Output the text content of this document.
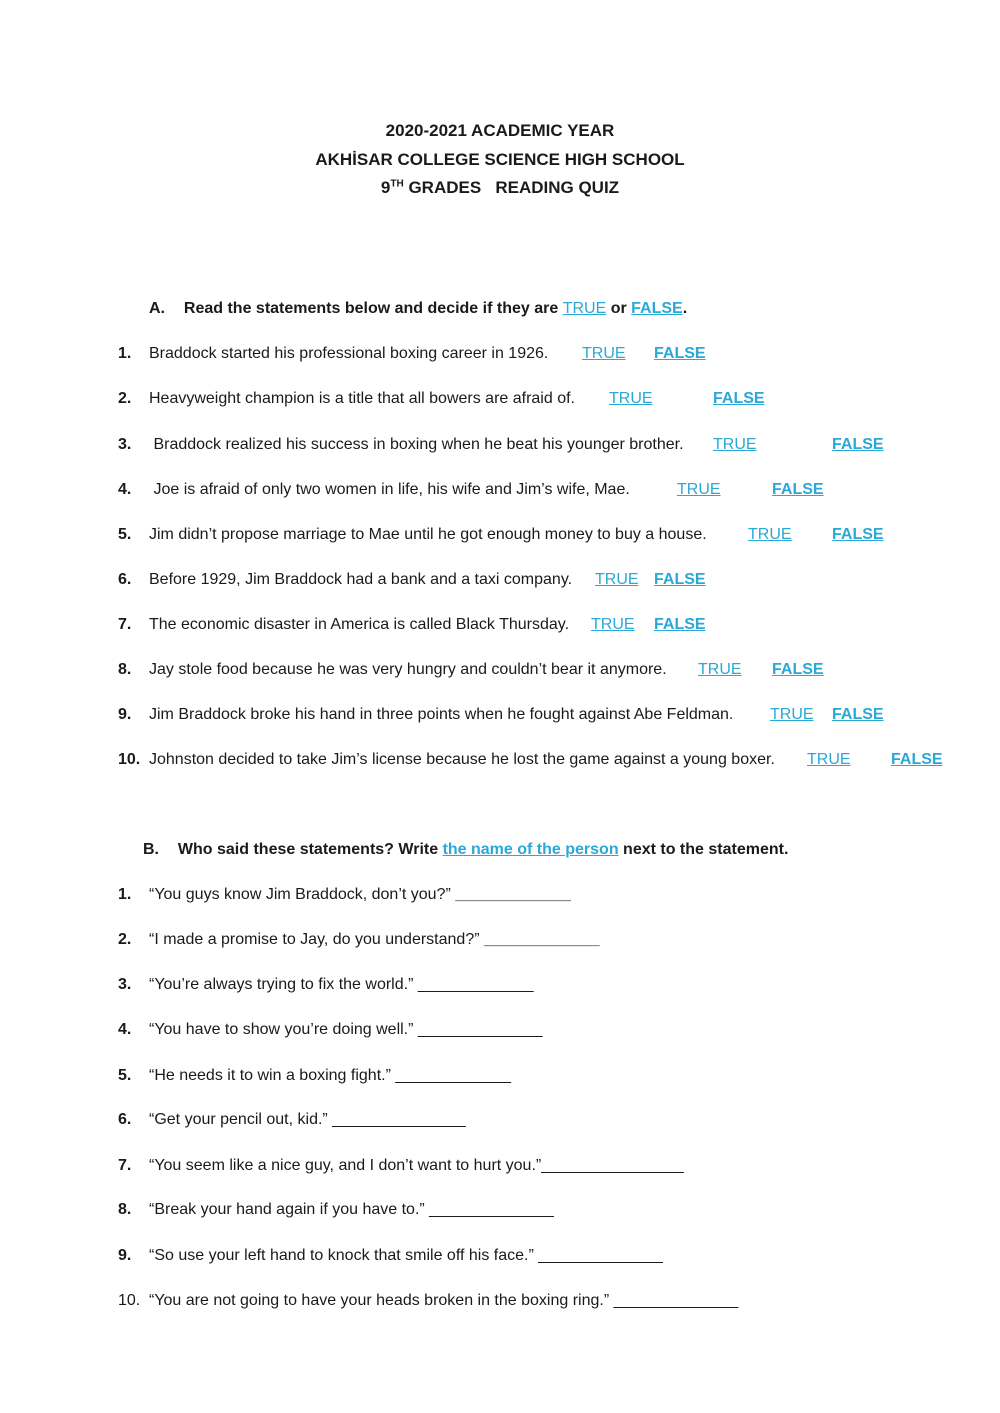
2020-2021 ACADEMIC YEAR
AKHİSAR COLLEGE SCIENCE HIGH SCHOOL
9TH GRADES   READING QUIZ
A. Read the statements below and decide if they are TRUE or FALSE.
1. Braddock started his professional boxing career in 1926. TRUE FALSE
2. Heavyweight champion is a title that all bowers are afraid of. TRUE	FALSE
3. Braddock realized his success in boxing when he beat his younger brother. TRUE	FALSE
4. Joe is afraid of only two women in life, his wife and Jim’s wife, Mae.	TRUE	FALSE
5. Jim didn’t propose marriage to Mae until he got enough money to buy a house.	TRUE	FALSE
6. Before 1929, Jim Braddock had a bank and a taxi company. TRUE FALSE
7. The economic disaster in America is called Black Thursday. TRUE FALSE
8. Jay stole food because he was very hungry and couldn’t bear it anymore. TRUE FALSE
9. Jim Braddock broke his hand in three points when he fought against Abe Feldman. TRUE FALSE
10. Johnston decided to take Jim’s license because he lost the game against a young boxer. TRUE	FALSE
B. Who said these statements? Write the name of the person next to the statement.
1. “You guys know Jim Braddock, don’t you?” _____________
2. “I made a promise to Jay, do you understand?” _____________
3. “You’re always trying to fix the world.” _____________
4. “You have to show you’re doing well.” ______________
5. “He needs it to win a boxing fight.” _____________
6. “Get your pencil out, kid.” _______________
7. “You seem like a nice guy, and I don’t want to hurt you.”________________
8. “Break your hand again if you have to.” ______________
9. “So use your left hand to knock that smile off his face.” ______________
10. “You are not going to have your heads broken in the boxing ring.” ______________
